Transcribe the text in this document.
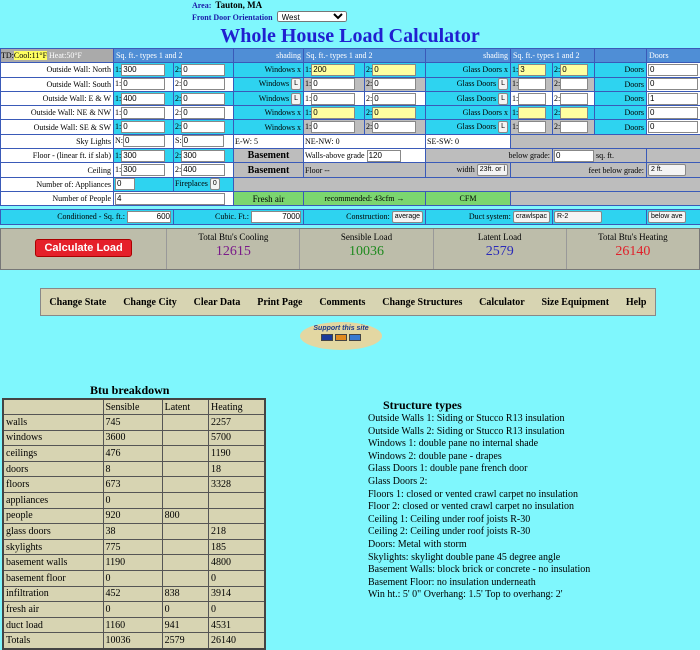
Area: Tauton, MA
Front Door Orientation
West
Whole House Load Calculator
TD:Cool:11°F Heat:50°F	Sq. ft.- types 1 and 2		shading	Sq. ft.- types 1 and 2		shading	Sq. ft.- types 1 and 2			Doors
Outside Wall: North	1: 300	2: 0	Windows x	1: 200	2: 0	Glass Doors x	1: 3	2: 0	Doors	0
Outside Wall: South	1: 0	2: 0	Windows L	1: 0	2: 0	Glass Doors L	1:	2:	Doors	0
Outside Wall: E & W	1: 400	2: 0	Windows L	1: 0	2: 0	Glass Doors L	1:	2:	Doors	1
Outside Wall: NE & NW	1: 0	2: 0	Windows x	1: 0	2: 0	Glass Doors x	1:	2:	Doors	0
Outside Wall: SE & SW	1: 0	2: 0	Windows x	1: 0	2: 0	Glass Doors L	1:	2:	Doors	0
Sky Lights	N: 0	S: 0	E-W: 5	NE-NW: 0		SE-SW: 0				
Floor - (linear ft. if slab)	1: 300	2: 300	Basement	Walls-above grade 120		below grade:		0 sq. ft.		
Ceiling	1: 300	2: 400	Basement	Floor --		width 23ft. or l	feet below grade:			2 ft.
Number of: Appliances	0	Fireplaces 0								
Number of People	4		Fresh air	recommended: 43cfm →		CFM				

Conditioned - Sq. ft.: 600		Cubic. Ft.: 7000		Construction: average		Duct system: crawlspac		R-2		below ave
Calculate Load
Total Btu's Cooling
12615
Sensible Load
10036
Latent Load
2579
Total Btu's Heating
26140
Change State Change City Clear Data Print Page Comments Change Structures Calculator Size Equipment Help
Support this site
Btu breakdown
	Sensible	Latent	Heating
walls	745		2257
windows	3600		5700
ceilings	476		1190
doors	8		18
floors	673		3328
appliances	0		
people	920	800	
glass doors	38		218
skylights	775		185
basement walls	1190		4800
basement floor	0		0
infiltration	452	838	3914
fresh air	0	0	0
duct load	1160	941	4531
Totals	10036	2579	26140
Structure types
Outside Walls 1: Siding or Stucco R13 insulation
Outside Walls 2: Siding or Stucco R13 insulation
Windows 1: double pane no internal shade
Windows 2: double pane - drapes
Glass Doors 1: double pane french door
Glass Doors 2:
Floors 1: closed or vented crawl carpet no insulation
Floor 2: closed or vented crawl carpet no insulation
Ceiling 1: Ceiling under roof joists R-30
Ceiling 2: Ceiling under roof joists R-30
Doors: Metal with storm
Skylights: skylight double pane 45 degree angle
Basement Walls: block brick or concrete - no insulation
Basement Floor: no insulation underneath
Win ht.: 5' 0" Overhang: 1.5' Top to overhang: 2'
